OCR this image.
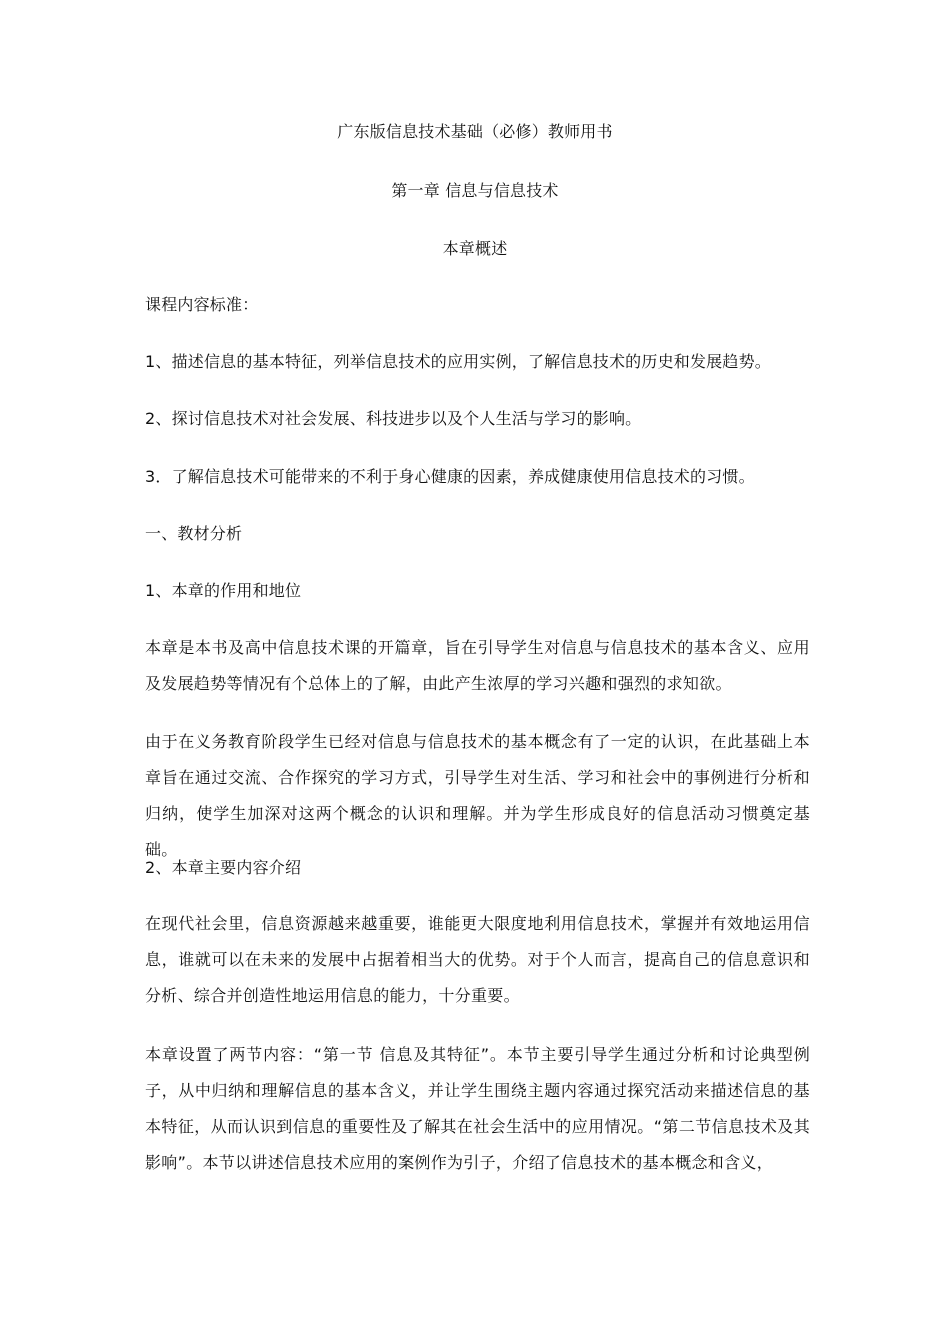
广东版信息技术基础（必修）教师用书
第一章 信息与信息技术
本章概述
课程内容标准：
1、描述信息的基本特征，列举信息技术的应用实例，了解信息技术的历史和发展趋势。
2、探讨信息技术对社会发展、科技进步以及个人生活与学习的影响。
3．了解信息技术可能带来的不利于身心健康的因素，养成健康使用信息技术的习惯。
一、教材分析
1、本章的作用和地位
本章是本书及高中信息技术课的开篇章，旨在引导学生对信息与信息技术的基本含义、应用及发展趋势等情况有个总体上的了解，由此产生浓厚的学习兴趣和强烈的求知欲。
由于在义务教育阶段学生已经对信息与信息技术的基本概念有了一定的认识，在此基础上本章旨在通过交流、合作探究的学习方式，引导学生对生活、学习和社会中的事例进行分析和归纳，使学生加深对这两个概念的认识和理解。并为学生形成良好的信息活动习惯奠定基础。
2、本章主要内容介绍
在现代社会里，信息资源越来越重要，谁能更大限度地利用信息技术，掌握并有效地运用信息，谁就可以在未来的发展中占据着相当大的优势。对于个人而言，提高自己的信息意识和分析、综合并创造性地运用信息的能力，十分重要。
本章设置了两节内容：“第一节 信息及其特征”。本节主要引导学生通过分析和讨论典型例子，从中归纳和理解信息的基本含义，并让学生围绕主题内容通过探究活动来描述信息的基本特征，从而认识到信息的重要性及了解其在社会生活中的应用情况。“第二节信息技术及其影响”。本节以讲述信息技术应用的案例作为引子，介绍了信息技术的基本概念和含义，
